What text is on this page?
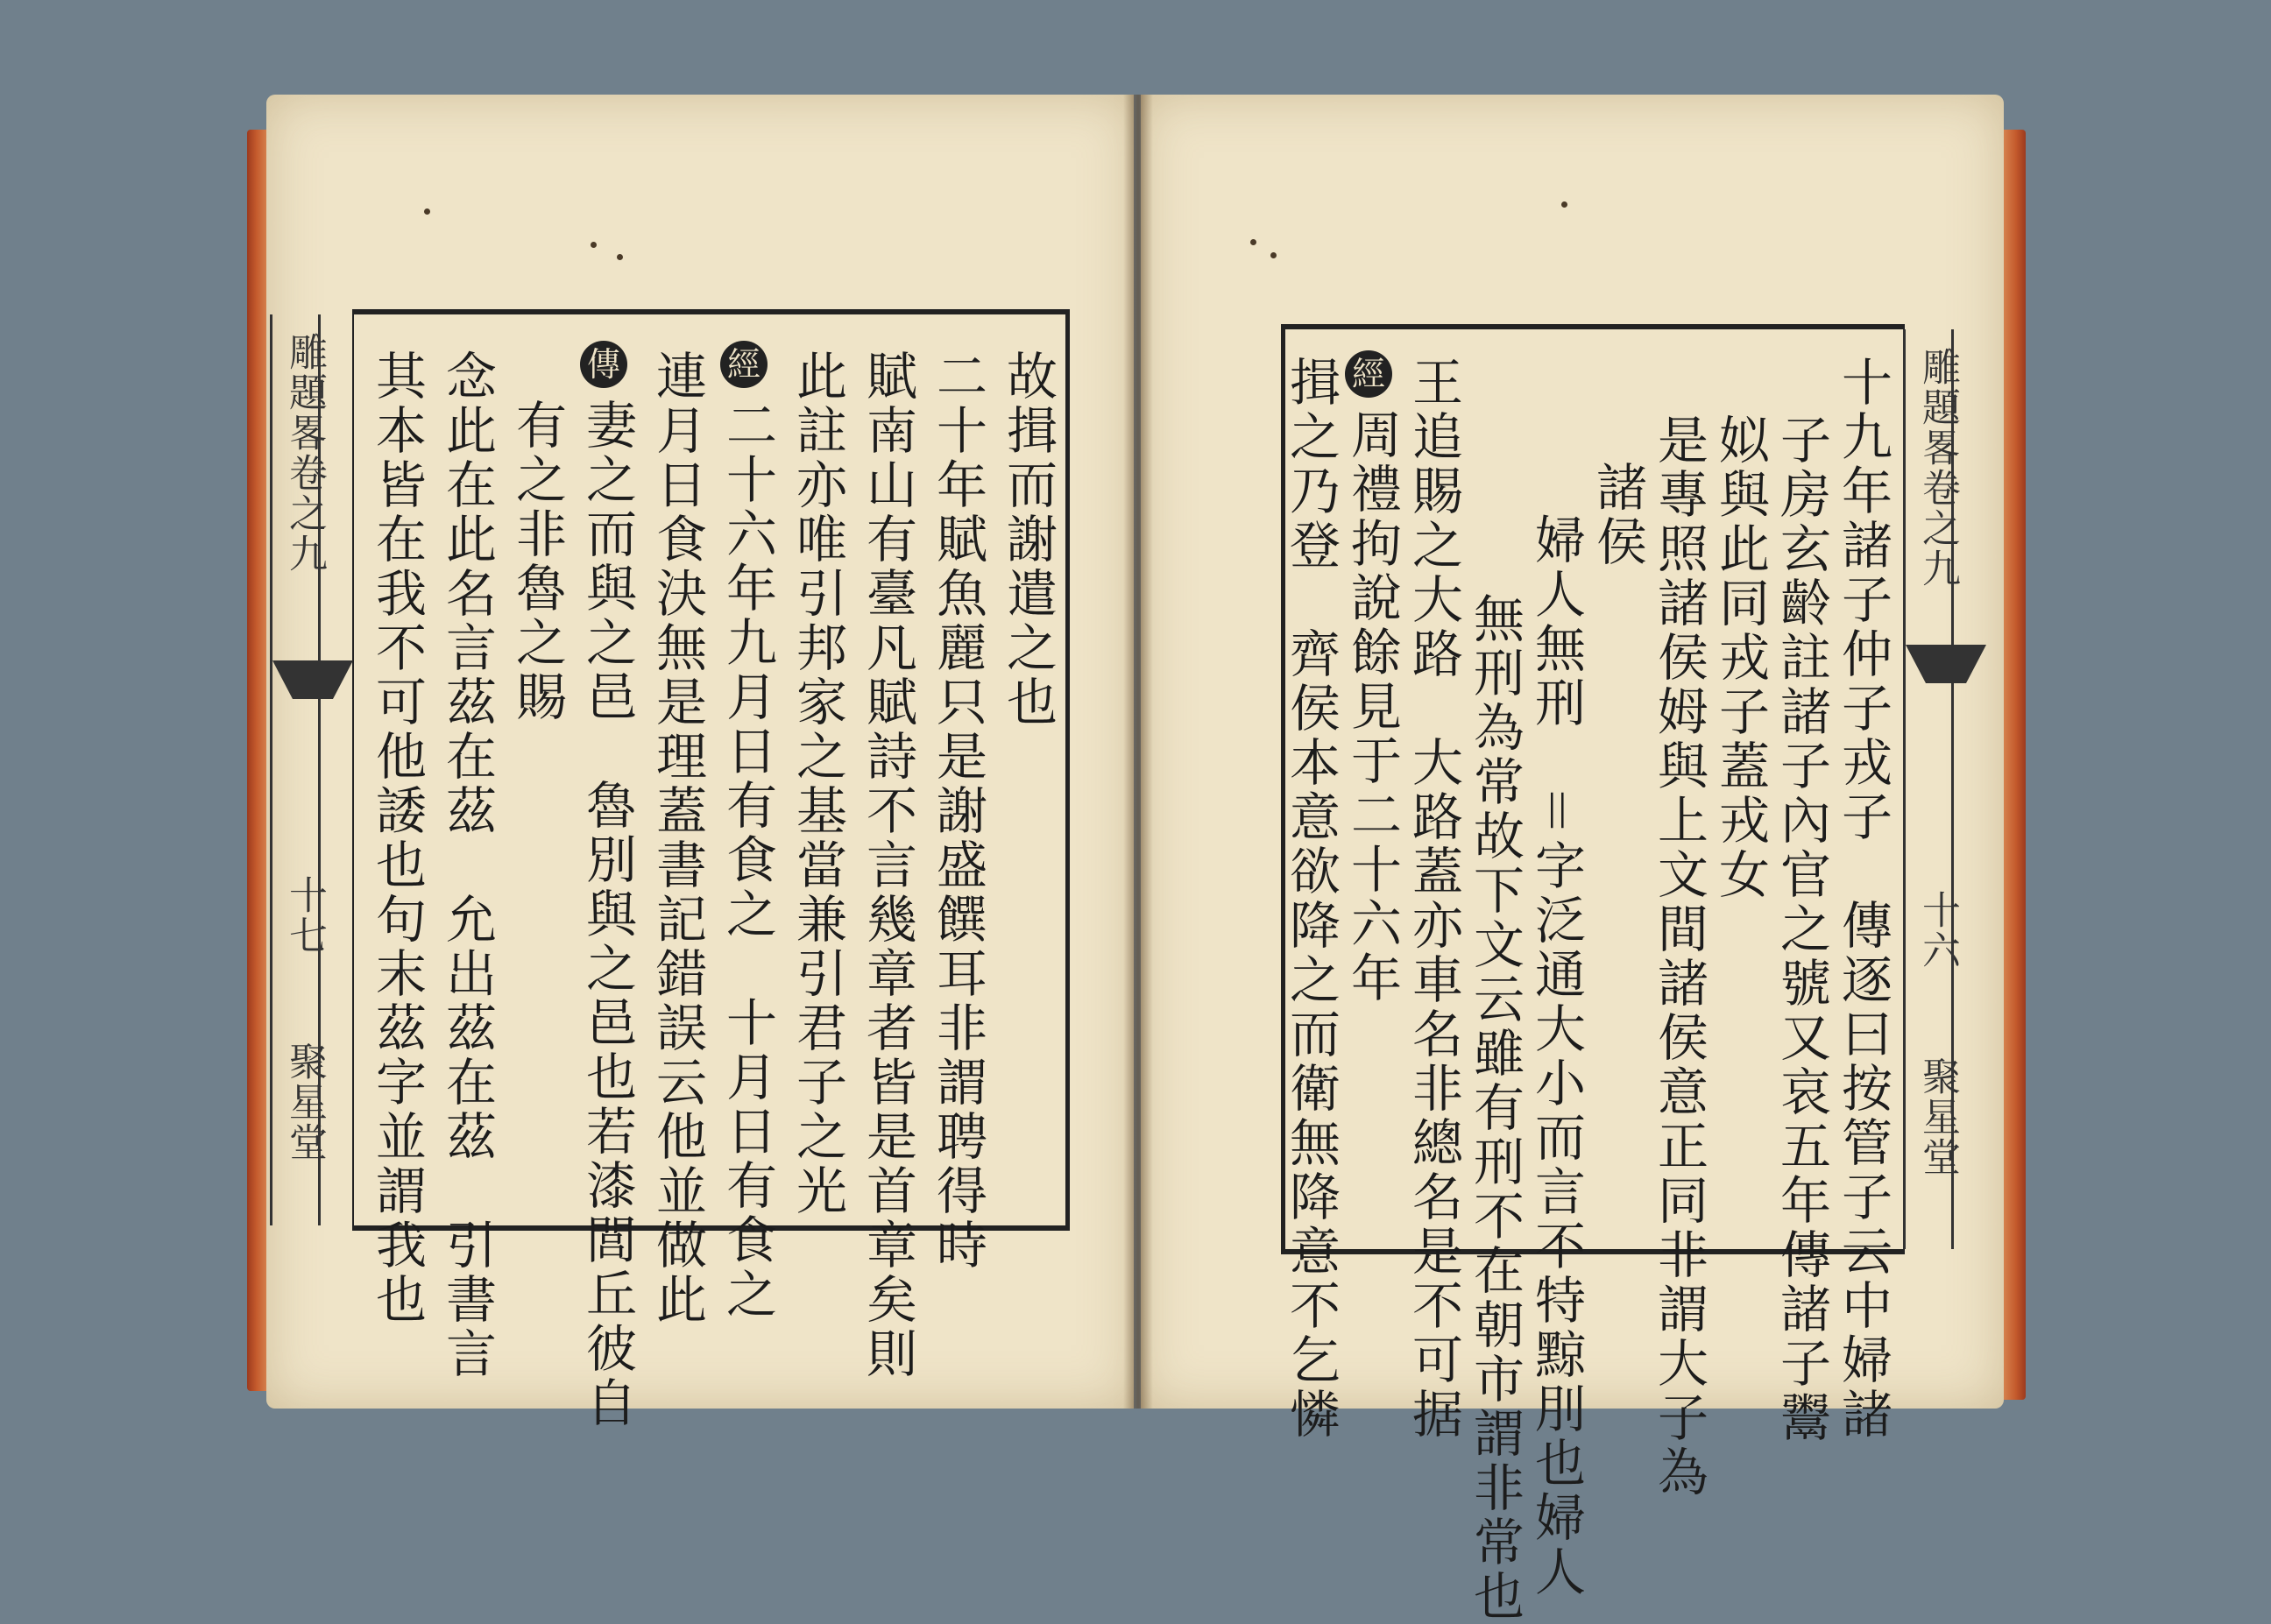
雕題畧卷之九
十七
聚星堂
故揖而謝遣之也
二十年賦魚麗只是謝盛饌耳非謂聘得時
賦南山有臺凡賦詩不言幾章者皆是首章矣則
此註亦唯引邦家之基當兼引君子之光
經
二十六年九月日有食之　十月日有食之
連月日食決無是理蓋書記錯誤云他並做此
傳
妻之而與之邑　魯別與之邑也若漆閭丘彼自
有之非魯之賜
念此在此名言茲在茲　允出茲在茲　引書言
其本皆在我不可他諉也句末茲字並謂我也	雕題畧卷之九
十六
聚星堂
十九年諸子仲子戎子　傳逐曰按管子云中婦諸
子房玄齡註諸子內官之號又哀五年傳諸子鬻
姒與此同戎子蓋戎女
是專照諸侯姆與上文間諸侯意正同非謂大子為
諸侯
婦人無刑　＝字泛通大小而言不特黥刖也婦人
無刑為常故下文云雖有刑不在朝市謂非常也
王追賜之大路　大路蓋亦車名非總名是不可据
經
周禮拘說餘見于二十六年
揖之乃登　齊侯本意欲降之而衛無降意不乞憐
